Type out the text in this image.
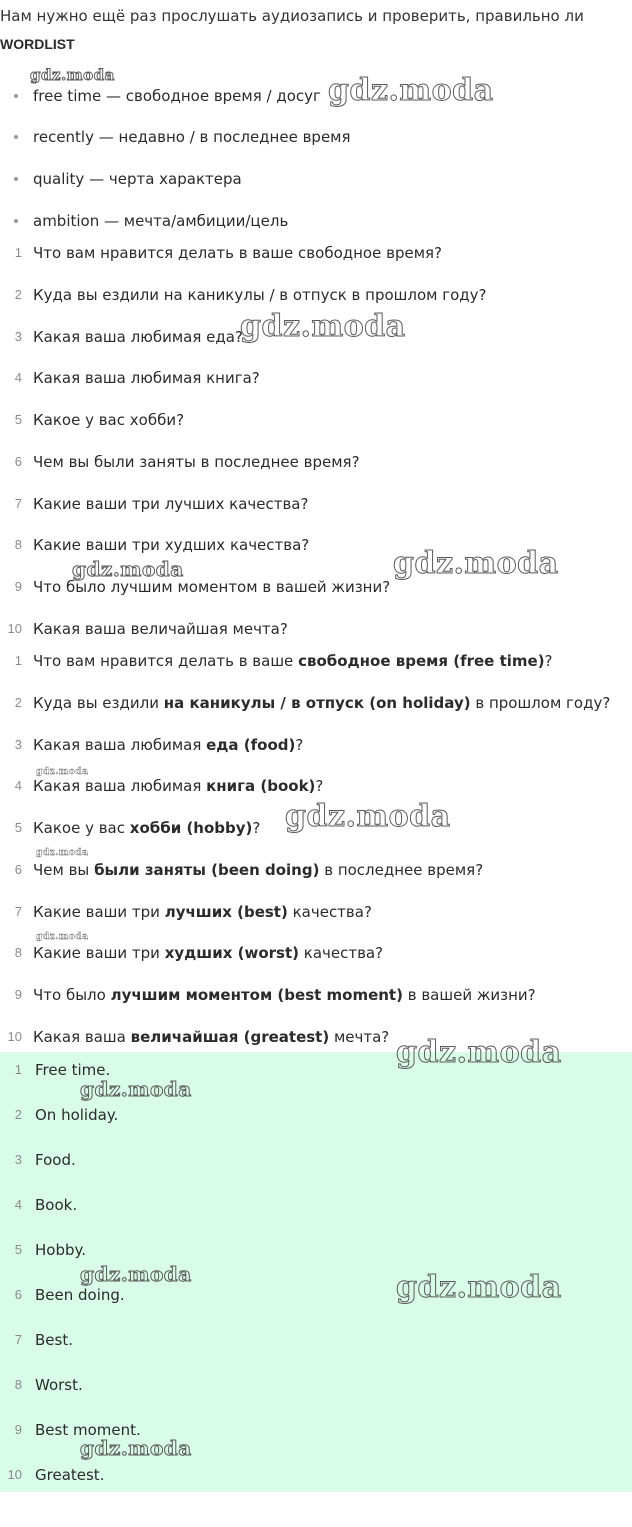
Нам нужно ещё раз прослушать аудиозапись и проверить, правильно ли
WORDLIST
free time — свободное время / досуг
recently — недавно / в последнее время
quality — черта характера
ambition — мечта/амбиции/цель
1 Что вам нравится делать в ваше свободное время?
2 Куда вы ездили на каникулы / в отпуск в прошлом году?
3 Какая ваша любимая еда?
4 Какая ваша любимая книга?
5 Какое у вас хобби?
6 Чем вы были заняты в последнее время?
7 Какие ваши три лучших качества?
8 Какие ваши три худших качества?
9 Что было лучшим моментом в вашей жизни?
10 Какая ваша величайшая мечта?
1 Что вам нравится делать в ваше свободное время (free time)?
2 Куда вы ездили на каникулы / в отпуск (on holiday) в прошлом году?
3 Какая ваша любимая еда (food)?
4 Какая ваша любимая книга (book)?
5 Какое у вас хобби (hobby)?
6 Чем вы были заняты (been doing) в последнее время?
7 Какие ваши три лучших (best) качества?
8 Какие ваши три худших (worst) качества?
9 Что было лучшим моментом (best moment) в вашей жизни?
10 Какая ваша величайшая (greatest) мечта?
1 Free time.
2 On holiday.
3 Food.
4 Book.
5 Hobby.
6 Been doing.
7 Best.
8 Worst.
9 Best moment.
10 Greatest.
gdz.moda	gdz.moda
gdz.moda
gdz.moda
gdz.moda
gdz.moda
gdz.moda
gdz.moda
gdz.moda
gdz.moda
gdz.moda
gdz.moda	gdz.moda
gdz.moda
